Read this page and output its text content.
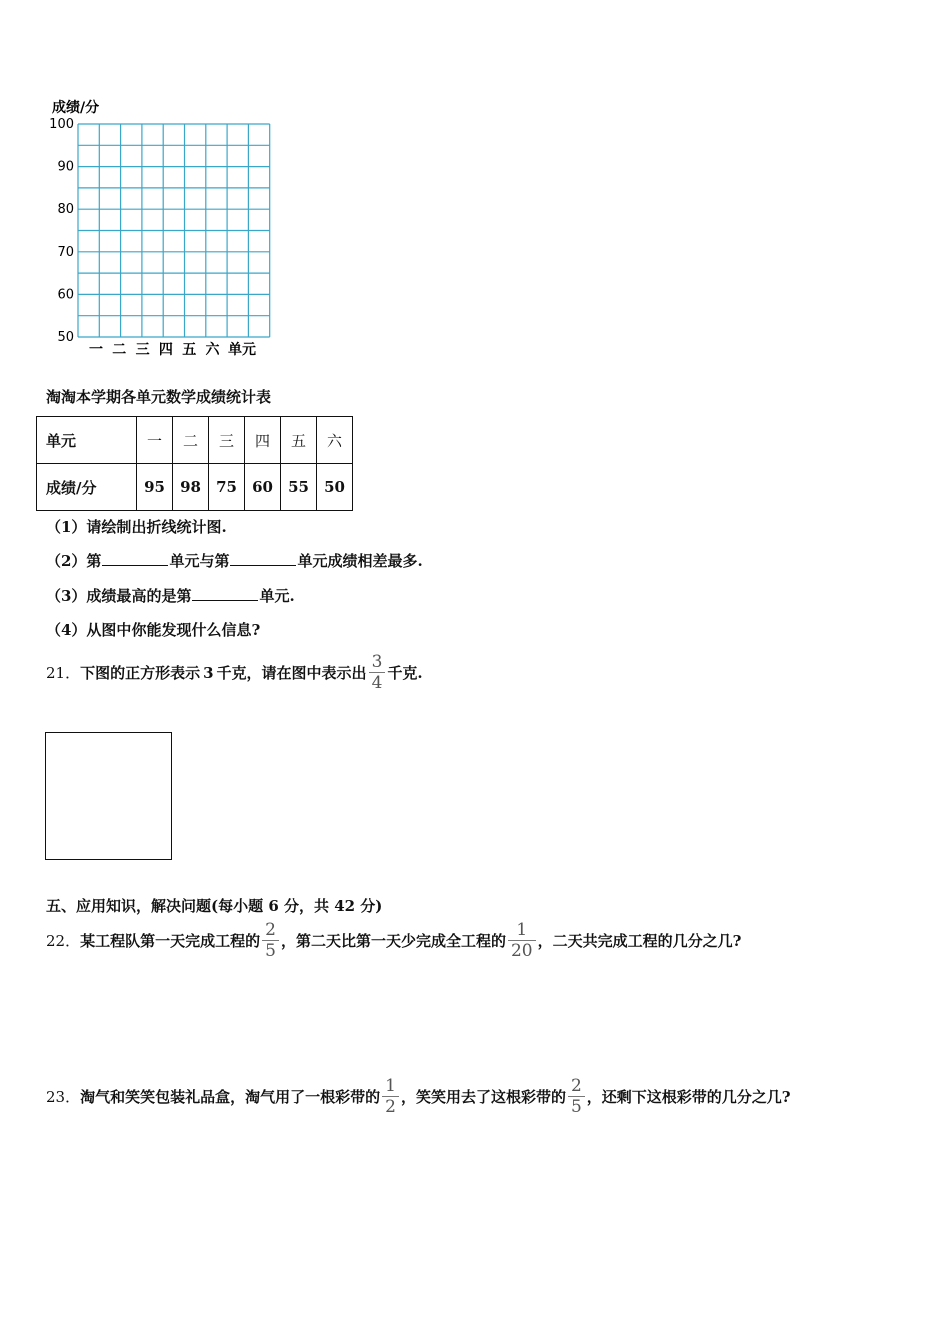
成绩/分
100
90
80
70
60
50
一 二 三 四 五 六 单元
淘淘本学期各单元数学成绩统计表
单元	一	二	三	四	五	六
成绩/分	95	98	75	60	55	50
（1）请绘制出折线统计图.
（2）第	单元与第	单元成绩相差最多.
（3）成绩最高的是第	单元.
（4）从图中你能发现什么信息?
21． 下图的正方形表示 3 千克，请在图中表示出 $\frac{3}{4}$ 千克.
五、应用知识，解决问题(每小题 6 分，共 42 分)
22． 某工程队第一天完成工程的 $\frac{2}{5}$ ，第二天比第一天少完成全工程的 $\frac{1}{20}$ ，二天共完成工程的几分之几?
23． 淘气和笑笑包装礼品盒，淘气用了一根彩带的 $\frac{1}{2}$ ，笑笑用去了这根彩带的 $\frac{2}{5}$ ，还剩下这根彩带的几分之几?
